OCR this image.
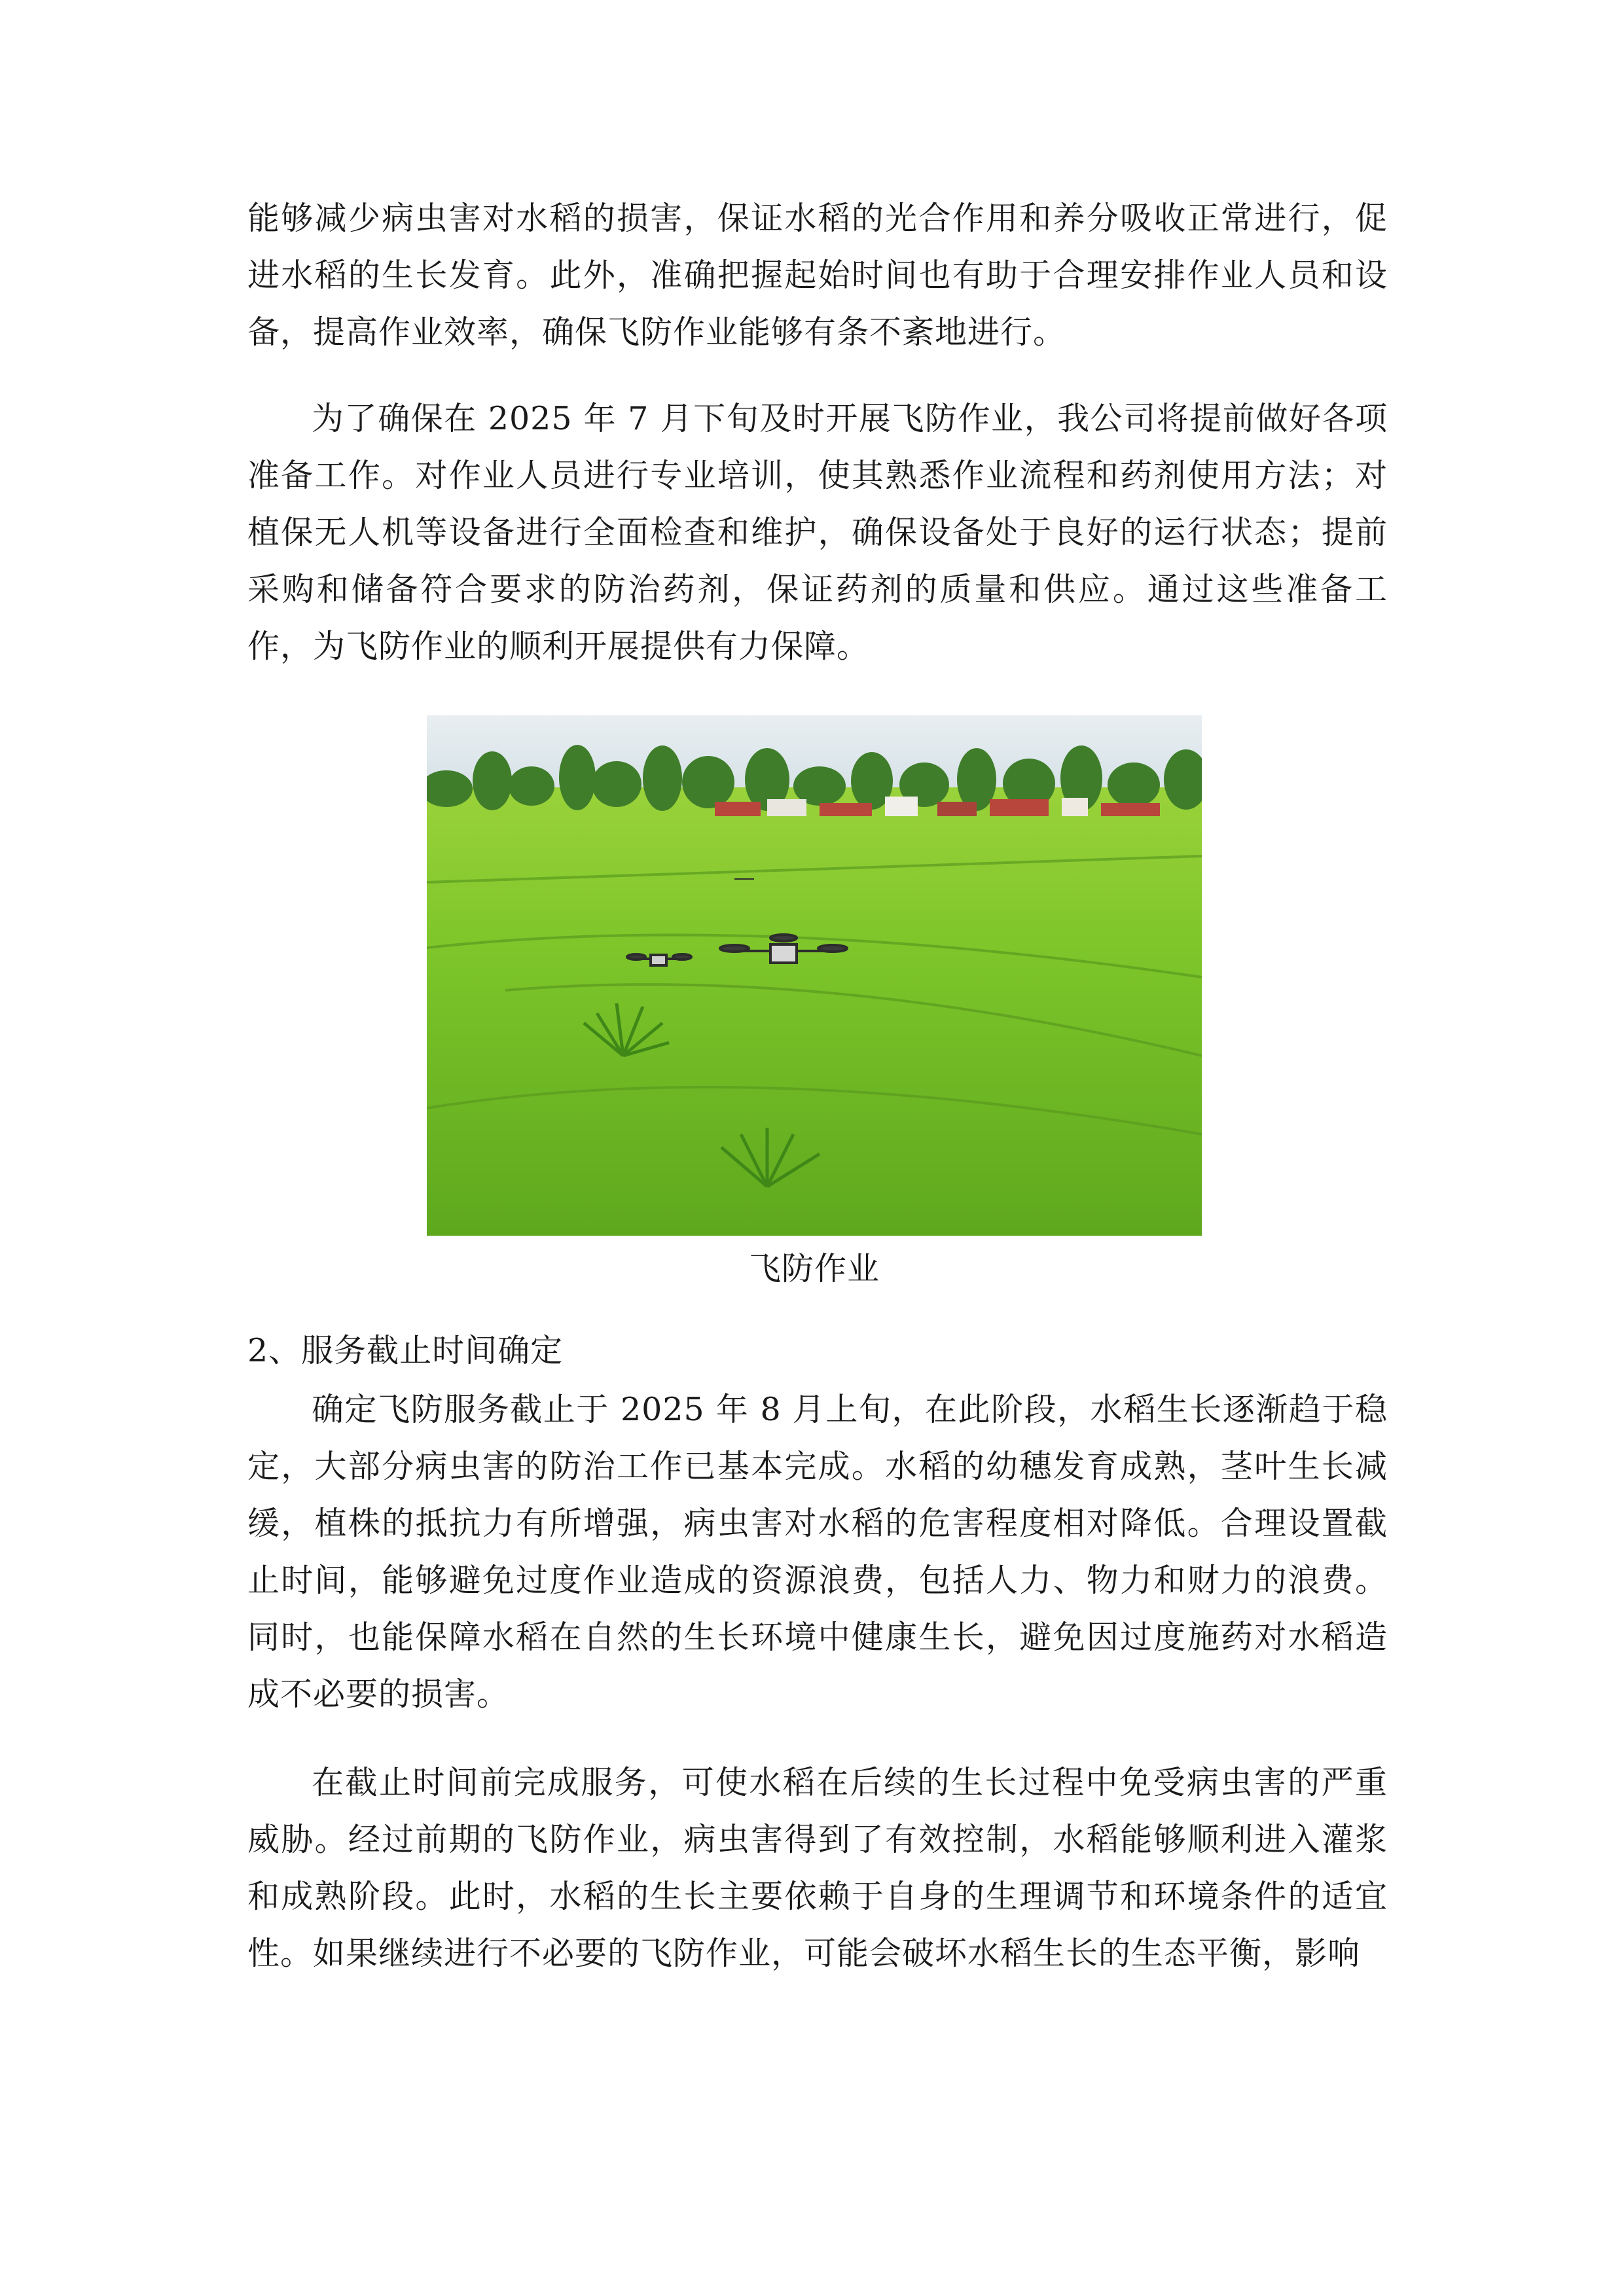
能够减少病虫害对水稻的损害，保证水稻的光合作用和养分吸收正常进行，促进水稻的生长发育。此外，准确把握起始时间也有助于合理安排作业人员和设备，提高作业效率，确保飞防作业能够有条不紊地进行。

为了确保在 2025 年 7 月下旬及时开展飞防作业，我公司将提前做好各项准备工作。对作业人员进行专业培训，使其熟悉作业流程和药剂使用方法；对植保无人机等设备进行全面检查和维护，确保设备处于良好的运行状态；提前采购和储备符合要求的防治药剂，保证药剂的质量和供应。通过这些准备工作，为飞防作业的顺利开展提供有力保障。

飞防作业

2、服务截止时间确定

确定飞防服务截止于 2025 年 8 月上旬，在此阶段，水稻生长逐渐趋于稳定，大部分病虫害的防治工作已基本完成。水稻的幼穗发育成熟，茎叶生长减缓，植株的抵抗力有所增强，病虫害对水稻的危害程度相对降低。合理设置截止时间，能够避免过度作业造成的资源浪费，包括人力、物力和财力的浪费。同时，也能保障水稻在自然的生长环境中健康生长，避免因过度施药对水稻造成不必要的损害。

在截止时间前完成服务，可使水稻在后续的生长过程中免受病虫害的严重威胁。经过前期的飞防作业，病虫害得到了有效控制，水稻能够顺利进入灌浆和成熟阶段。此时，水稻的生长主要依赖于自身的生理调节和环境条件的适宜性。如果继续进行不必要的飞防作业，可能会破坏水稻生长的生态平衡，影响
